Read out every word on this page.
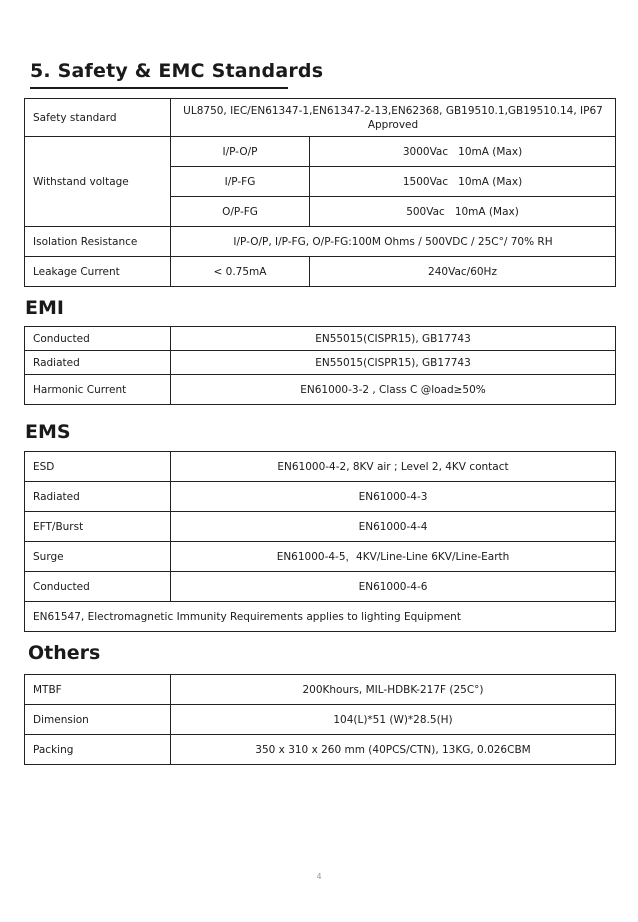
5. Safety & EMC Standards
Safety standard	UL8750, IEC/EN61347-1,EN61347-2-13,EN62368, GB19510.1,GB19510.14, IP67 Approved	
Withstand voltage	I/P-O/P	3000Vac   10mA (Max)
	I/P-FG	1500Vac   10mA (Max)
	O/P-FG	500Vac   10mA (Max)
Isolation Resistance	I/P-O/P, I/P-FG, O/P-FG:100M Ohms / 500VDC / 25C°/ 70% RH	
Leakage Current	< 0.75mA	240Vac/60Hz
EMI
Conducted	EN55015(CISPR15), GB17743
Radiated	EN55015(CISPR15), GB17743
Harmonic Current	EN61000-3-2 , Class C @load≥50%
EMS
ESD	EN61000-4-2, 8KV air ; Level 2, 4KV contact
Radiated	EN61000-4-3
EFT/Burst	EN61000-4-4
Surge	EN61000-4-5，4KV/Line-Line 6KV/Line-Earth
Conducted	EN61000-4-6
EN61547, Electromagnetic Immunity Requirements applies to lighting Equipment	
Others
MTBF	200Khours, MIL-HDBK-217F (25C°)
Dimension	104(L)*51 (W)*28.5(H)
Packing	350 x 310 x 260 mm (40PCS/CTN), 13KG, 0.026CBM
4
